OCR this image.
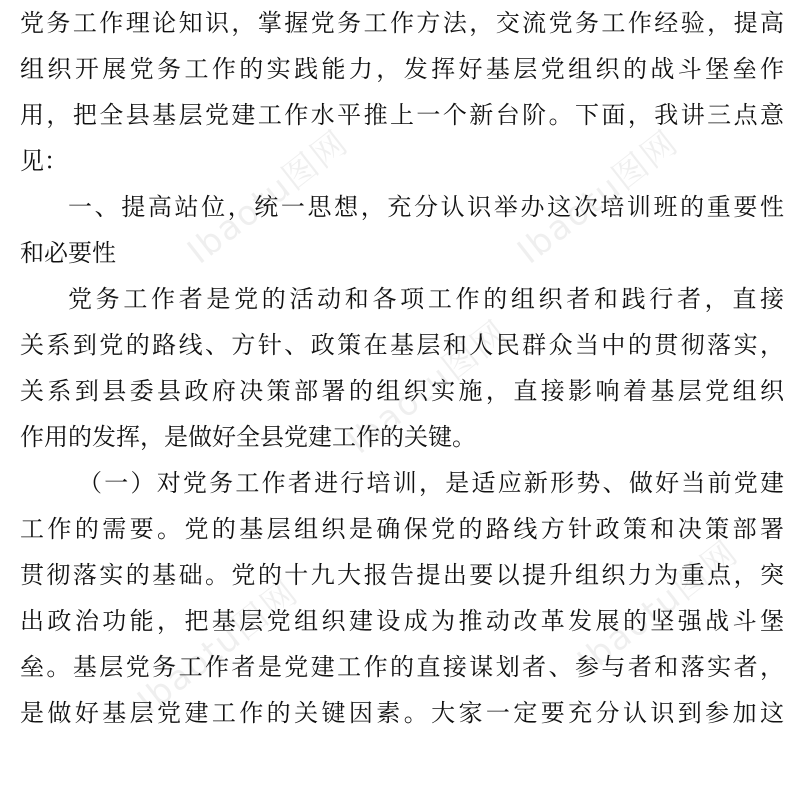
Ibaotu图网	Ibaotu图网
Ibaotu图网
Ibaotu图网
Ibaotu图网
党务工作理论知识，掌握党务工作方法，交流党务工作经验，提高
组织开展党务工作的实践能力，发挥好基层党组织的战斗堡垒作
用，把全县基层党建工作水平推上一个新台阶。下面，我讲三点意
见：
一、提高站位，统一思想，充分认识举办这次培训班的重要性
和必要性
党务工作者是党的活动和各项工作的组织者和践行者，直接
关系到党的路线、方针、政策在基层和人民群众当中的贯彻落实，
关系到县委县政府决策部署的组织实施，直接影响着基层党组织
作用的发挥，是做好全县党建工作的关键。
（一）对党务工作者进行培训，是适应新形势、做好当前党建
工作的需要。党的基层组织是确保党的路线方针政策和决策部署
贯彻落实的基础。党的十九大报告提出要以提升组织力为重点，突
出政治功能，把基层党组织建设成为推动改革发展的坚强战斗堡
垒。基层党务工作者是党建工作的直接谋划者、参与者和落实者，
是做好基层党建工作的关键因素。大家一定要充分认识到参加这
